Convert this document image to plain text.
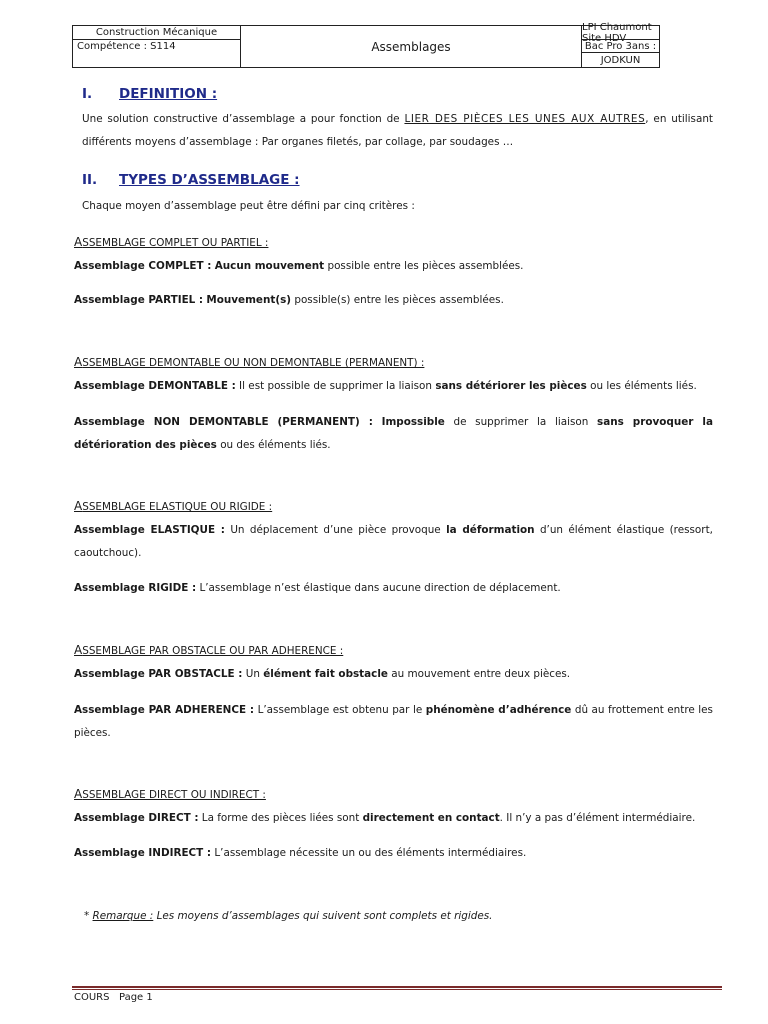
Construction Mécanique
Compétence : S114	Assemblages
LPI Chaumont Site HDV
Bac Pro 3ans :
JODKUN
I. DEFINITION :
Une solution constructive d’assemblage a pour fonction de LIER DES PIÈCES LES UNES AUX AUTRES, en utilisant
différents moyens d’assemblage : Par organes filetés, par collage, par soudages …
II. TYPES D’ASSEMBLAGE :
Chaque moyen d’assemblage peut être défini par cinq critères :
ASSEMBLAGE COMPLET OU PARTIEL :
Assemblage COMPLET : Aucun mouvement possible entre les pièces assemblées.
Assemblage PARTIEL : Mouvement(s) possible(s) entre les pièces assemblées.
ASSEMBLAGE DEMONTABLE OU NON DEMONTABLE (PERMANENT) :
Assemblage DEMONTABLE : Il est possible de supprimer la liaison sans détériorer les pièces ou les éléments liés.
Assemblage NON DEMONTABLE (PERMANENT) : Impossible de supprimer la liaison sans provoquer la
détérioration des pièces ou des éléments liés.
ASSEMBLAGE ELASTIQUE OU RIGIDE :
Assemblage ELASTIQUE : Un déplacement d’une pièce provoque la déformation d’un élément élastique (ressort,
caoutchouc).
Assemblage RIGIDE : L’assemblage n’est élastique dans aucune direction de déplacement.
ASSEMBLAGE PAR OBSTACLE OU PAR ADHERENCE :
Assemblage PAR OBSTACLE : Un élément fait obstacle au mouvement entre deux pièces.
Assemblage PAR ADHERENCE : L’assemblage est obtenu par le phénomène d’adhérence dû au frottement entre les
pièces.
ASSEMBLAGE DIRECT OU INDIRECT :
Assemblage DIRECT : La forme des pièces liées sont directement en contact. Il n’y a pas d’élément intermédiaire.
Assemblage INDIRECT : L’assemblage nécessite un ou des éléments intermédiaires.
* Remarque : Les moyens d’assemblages qui suivent sont complets et rigides.
COURS   Page 1
